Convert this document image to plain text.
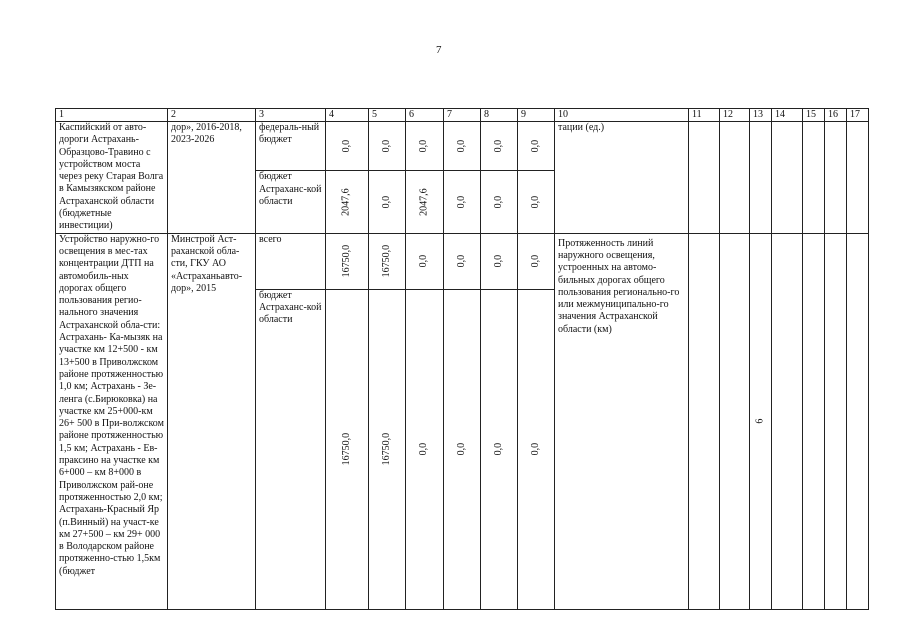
7
1	2	3	4	5	6	7	8	9	10	11	12	13	14	15	16	17
Каспийский от авто-дороги Астрахань-Образцово-Травино с устройством моста через реку Старая Волга в Камызякском районе Астраханской области (бюджетные инвестиции)	дор», 2016-2018, 2023-2026	федераль-ный бюджет	0,0	0,0	0,0	0,0	0,0	0,0	тации (ед.)							
		бюджет Астраханс-кой области	2047,6	0,0	2047,6	0,0	0,0	0,0								
Устройство наружно-го освещения в мес-тах концентрации ДТП на автомобиль-ных дорогах общего пользования регио-нального значения Астраханской обла-сти: Астрахань- Ка-мызяк на участке км 12+500 - км 13+500 в Приволжском районе протяженностью 1,0 км; Астрахань - Зе-ленга (с.Бирюковка) на участке км 25+000-км 26+ 500 в При-волжском районе протяженностью 1,5 км; Астрахань - Ев-праксино на участке км 6+000 – км 8+000 в Приволжском рай-оне протяженностью 2,0 км; Астрахань-Красный Яр (п.Винный) на участ-ке км 27+500 – км 29+ 000 в Володарском районе протяженно-стью 1,5км (бюджет	Минстрой Аст-раханской обла-сти, ГКУ АО «Астраханьавто-дор», 2015	всего	16750,0	16750,0	0,0	0,0	0,0	0,0	Протяженность линий наружного освещения, устроенных на автомо-бильных дорогах общего пользования регионально-го или межмуниципально-го значения Астраханской области (км)			6				
		бюджет Астраханс-кой области	16750,0	16750,0	0,0	0,0	0,0	0,0								
